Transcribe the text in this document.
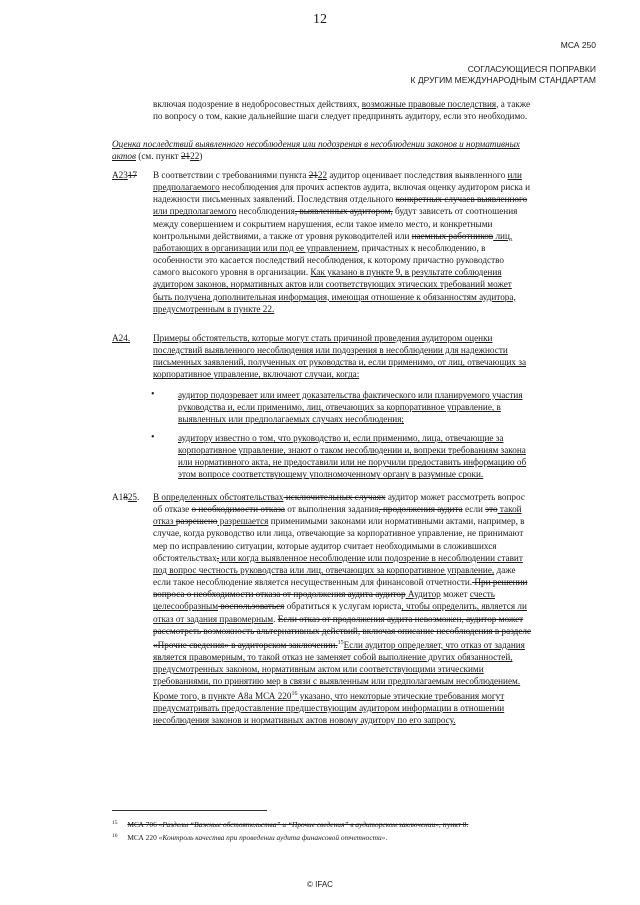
12
МСА 250
СОГЛАСУЮЩИЕСЯ ПОПРАВКИ
К ДРУГИМ МЕЖДУНАРОДНЫМ СТАНДАРТАМ
включая подозрение в недобросовестных действиях, возможные правовые последствия, а также
по вопросу о том, какие дальнейшие шаги следует предпринять аудитору, если это необходимо.
Оценка последствий выявленного несоблюдения или подозрения в несоблюдении законов и нормативных
актов (см. пункт 2122)
A2317 В соответствии с требованиями пункта 2122 аудитор оценивает последствия выявленного или
предполагаемого несоблюдения для прочих аспектов аудита, включая оценку аудитором риска и
надежности письменных заявлений. Последствия отдельного конкретных случаев выявленного
или предполагаемого несоблюдения, выявленных аудитором, будут зависеть от соотношения
между совершением и сокрытием нарушения, если такое имело место, и конкретными
контрольными действиями, а также от уровня руководителей или наемных работников лиц,
работающих в организации или под ее управлением, причастных к несоблюдению, в
особенности это касается последствий несоблюдения, к которому причастно руководство
самого высокого уровня в организации. Как указано в пункте 9, в результате соблюдения
аудитором законов, нормативных актов или соответствующих этических требований может
быть получена дополнительная информация, имеющая отношение к обязанностям аудитора,
предусмотренным в пункте 22.
A24. Примеры обстоятельств, которые могут стать причиной проведения аудитором оценки
последствий выявленного несоблюдения или подозрения в несоблюдении для надежности
письменных заявлений, полученных от руководства и, если применимо, от лиц, отвечающих за
корпоративное управление, включают случаи, когда:
•	аудитор подозревает или имеет доказательства фактического или планируемого участия
руководства и, если применимо, лиц, отвечающих за корпоративное управление, в
выявленных или предполагаемых случаях несоблюдения;
•	аудитору известно о том, что руководство и, если применимо, лица, отвечающие за
корпоративное управление, знают о таком несоблюдении и, вопреки требованиям закона
или нормативного акта, не предоставили или не поручили предоставить информацию об
этом вопросе соответствующему уполномоченному органу в разумные сроки.
A1825. В определенных обстоятельствах исключительных случаях аудитор может рассмотреть вопрос
об отказе о необходимости отказа от выполнения задания, продолжения аудита если это такой
отказ разрешено разрешается применимыми законами или нормативными актами, например, в
случае, когда руководство или лица, отвечающие за корпоративное управление, не принимают
мер по исправлению ситуации, которые аудитор считает необходимыми в сложившихся
обстоятельствах, или когда выявленное несоблюдение или подозрение в несоблюдении ставит
под вопрос честность руководства или лиц, отвечающих за корпоративное управление, даже
если такое несоблюдение является несущественным для финансовой отчетности. При решении
вопроса о необходимости отказа от продолжения аудита аудитор Аудитор может счесть
целесообразным воспользоваться обратиться к услугам юриста, чтобы определить, является ли
отказ от задания правомерным. Если отказ от продолжения аудита невозможен, аудитор может
рассмотреть возможность альтернативных действий, включая описание несоблюдения в разделе
«Прочие сведения» в аудиторском заключении.$^{15}$Если аудитор определяет, что отказ от задания
является правомерным, то такой отказ не заменяет собой выполнение других обязанностей,
предусмотренных законом, нормативным актом или соответствующими этическими
требованиями, по принятию мер в связи с выявленным или предполагаемым несоблюдением.
Кроме того, в пункте A8a МСА $220^{16}$ указано, что некоторые этические требования могут
предусматривать предоставление предшествующим аудитором информации в отношении
несоблюдения законов и нормативных актов новому аудитору по его запросу.
$^{15}$ МСА 706 «Разделы “Важные обстоятельства” и “Прочие сведения” в аудиторском заключении», пункт 8.
$^{16}$ МСА 220 «Контроль качества при проведении аудита финансовой отчетности».
© IFAC
